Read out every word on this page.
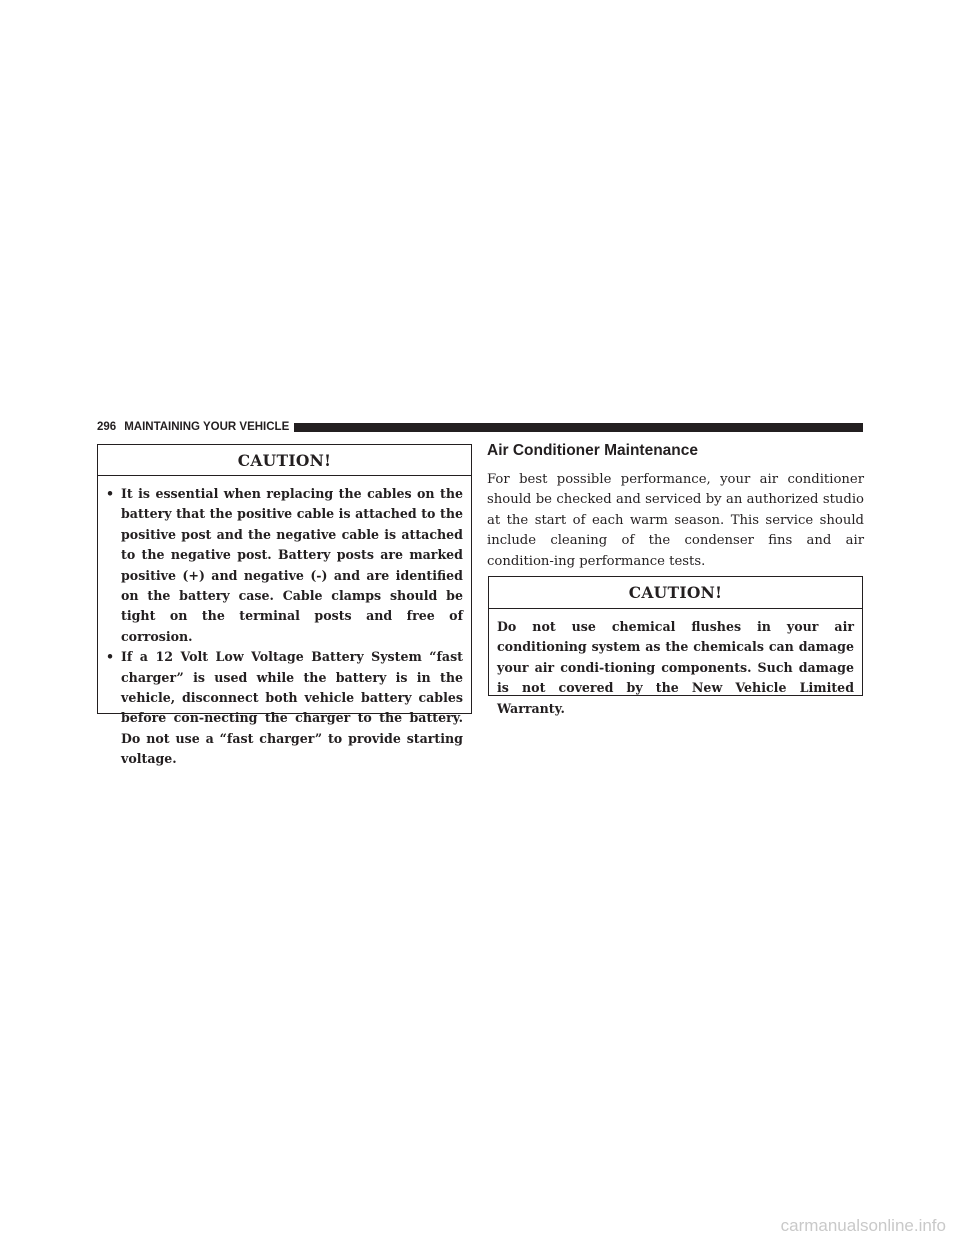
296 MAINTAINING YOUR VEHICLE
CAUTION!
• It is essential when replacing the cables on the battery that the positive cable is attached to the positive post and the negative cable is attached to the negative post. Battery posts are marked positive (+) and negative (-) and are identified on the battery case. Cable clamps should be tight on the terminal posts and free of corrosion.
• If a 12 Volt Low Voltage Battery System “fast charger” is used while the battery is in the vehicle, disconnect both vehicle battery cables before con-necting the charger to the battery. Do not use a “fast charger” to provide starting voltage.
Air Conditioner Maintenance

For best possible performance, your air conditioner should be checked and serviced by an authorized studio at the start of each warm season. This service should include cleaning of the condenser fins and air condition-ing performance tests.

CAUTION!

Do not use chemical flushes in your air conditioning system as the chemicals can damage your air condi-tioning components. Such damage is not covered by the New Vehicle Limited Warranty.

carmanualsonline.info
